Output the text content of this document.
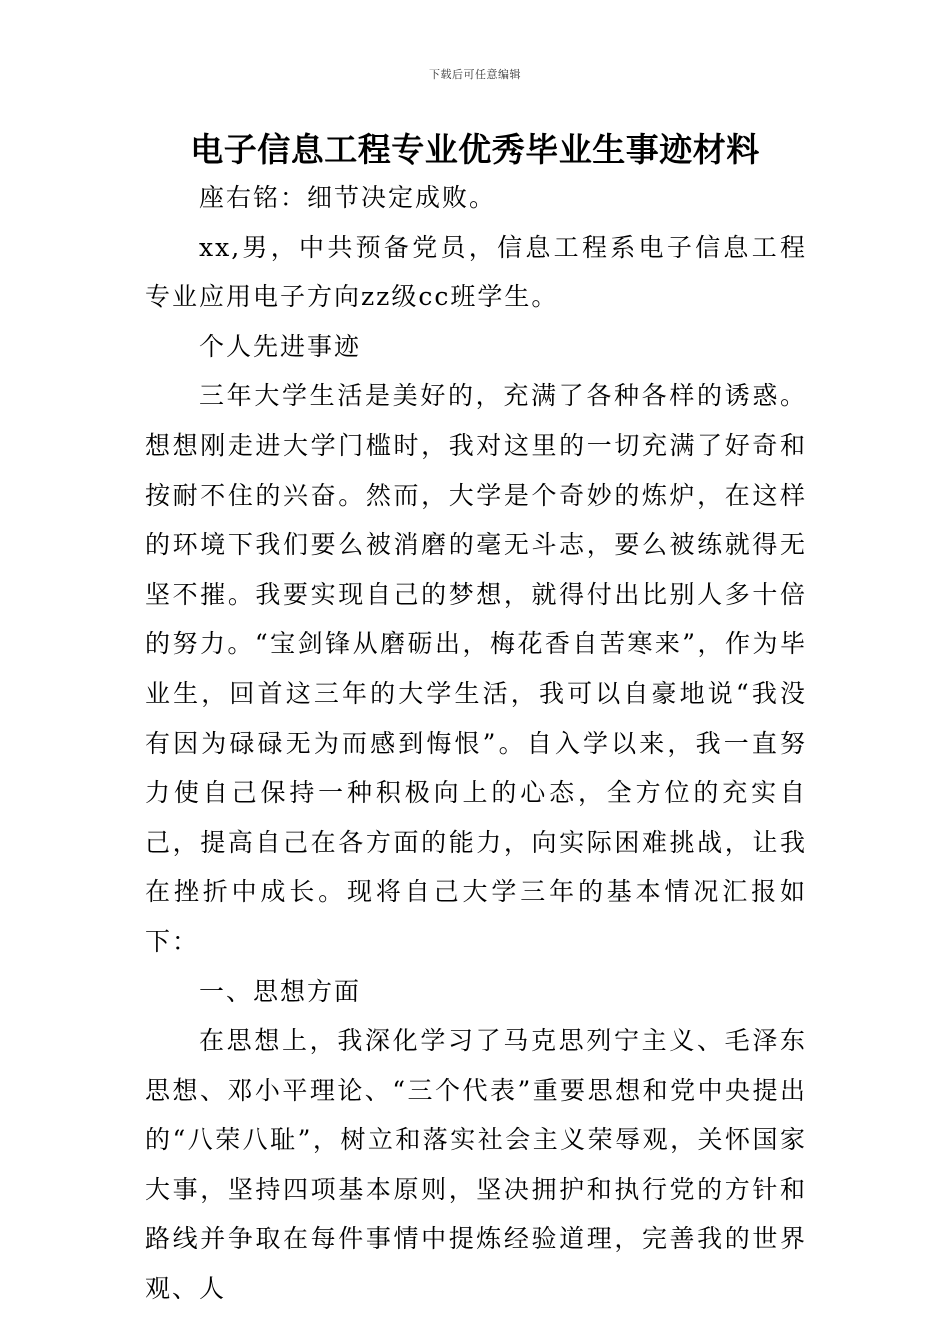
下载后可任意编辑
电子信息工程专业优秀毕业生事迹材料

座右铭：细节决定成败。

xx,男，中共预备党员，信息工程系电子信息工程专业应用电子方向zz级cc班学生。

个人先进事迹

三年大学生活是美好的，充满了各种各样的诱惑。想想刚走进大学门槛时，我对这里的一切充满了好奇和按耐不住的兴奋。然而，大学是个奇妙的炼炉，在这样的环境下我们要么被消磨的毫无斗志，要么被练就得无坚不摧。我要实现自己的梦想，就得付出比别人多十倍的努力。“宝剑锋从磨砺出，梅花香自苦寒来”，作为毕业生，回首这三年的大学生活，我可以自豪地说“我没有因为碌碌无为而感到悔恨”。自入学以来，我一直努力使自己保持一种积极向上的心态，全方位的充实自己，提高自己在各方面的能力，向实际困难挑战，让我在挫折中成长。现将自己大学三年的基本情况汇报如下：

一、思想方面

在思想上，我深化学习了马克思列宁主义、毛泽东思想、邓小平理论、“三个代表”重要思想和党中央提出的“八荣八耻”，树立和落实社会主义荣辱观，关怀国家大事，坚持四项基本原则，坚决拥护和执行党的方针和路线并争取在每件事情中提炼经验道理，完善我的世界观、人
